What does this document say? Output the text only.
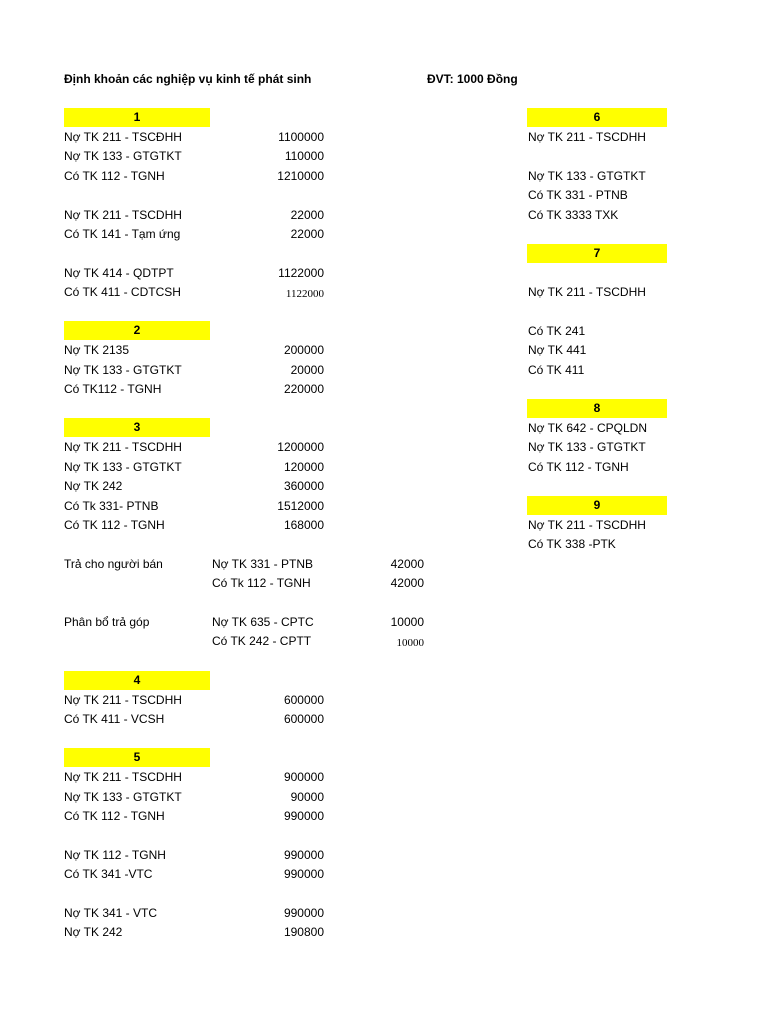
Định khoản các nghiệp vụ kinh tế phát sinh	ĐVT: 1000 Đồng
1
Nợ TK 211 - TSCĐHH	1100000
Nợ TK 133 - GTGTKT	110000
Có TK 112 - TGNH	1210000
Nợ TK 211 - TSCDHH	22000
Có TK 141 - Tạm ứng	22000
Nợ TK 414 - QDTPT	1122000
Có TK 411 - CDTCSH	1122000
2
Nợ TK 2135	200000
Nợ TK 133 - GTGTKT	20000
Có TK112 - TGNH	220000
3
Nợ TK 211 - TSCDHH	1200000
Nợ TK 133 - GTGTKT	120000
Nợ TK 242	360000
Có Tk 331- PTNB	1512000
Có TK 112 - TGNH	168000
Trả cho người bán	Nợ TK 331 - PTNB	42000
Có Tk 112 - TGNH	42000
Phân bổ trả góp	Nợ TK 635 - CPTC	10000
Có TK 242 - CPTT	10000
4
Nợ TK 211 - TSCDHH	600000
Có TK 411 - VCSH	600000
5
Nợ TK 211 - TSCDHH	900000
Nợ TK 133 - GTGTKT	90000
Có TK 112 - TGNH	990000
Nợ TK 112 - TGNH	990000
Có TK 341 -VTC	990000
Nợ TK 341 - VTC	990000
Nợ TK 242	190800
6
Nợ TK 211 - TSCDHH
Nợ TK 133 - GTGTKT
Có TK 331 - PTNB
Có TK 3333 TXK
7
Nợ TK 211 - TSCDHH
Có TK 241
Nợ TK 441
Có TK 411
8
Nợ TK 642 - CPQLDN
Nợ TK 133 - GTGTKT
Có TK 112 - TGNH
9
Nợ TK 211 - TSCDHH
Có TK 338 -PTK
